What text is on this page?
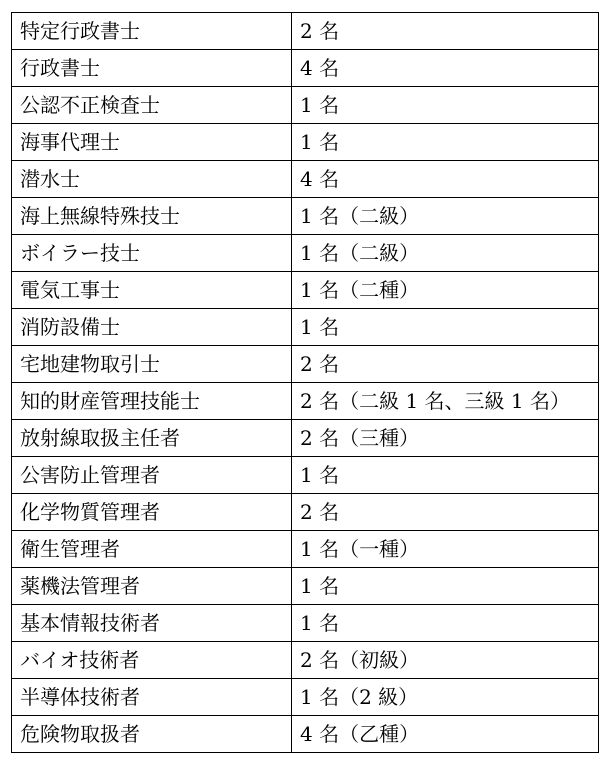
特定行政書士	2 名
行政書士	4 名
公認不正検査士	1 名
海事代理士	1 名
潜水士	4 名
海上無線特殊技士	1 名（二級）
ボイラー技士	1 名（二級）
電気工事士	1 名（二種）
消防設備士	1 名
宅地建物取引士	2 名
知的財産管理技能士	2 名（二級 1 名、三級 1 名）
放射線取扱主任者	2 名（三種）
公害防止管理者	1 名
化学物質管理者	2 名
衛生管理者	1 名（一種）
薬機法管理者	1 名
基本情報技術者	1 名
バイオ技術者	2 名（初級）
半導体技術者	1 名（2 級）
危険物取扱者	4 名（乙種）
